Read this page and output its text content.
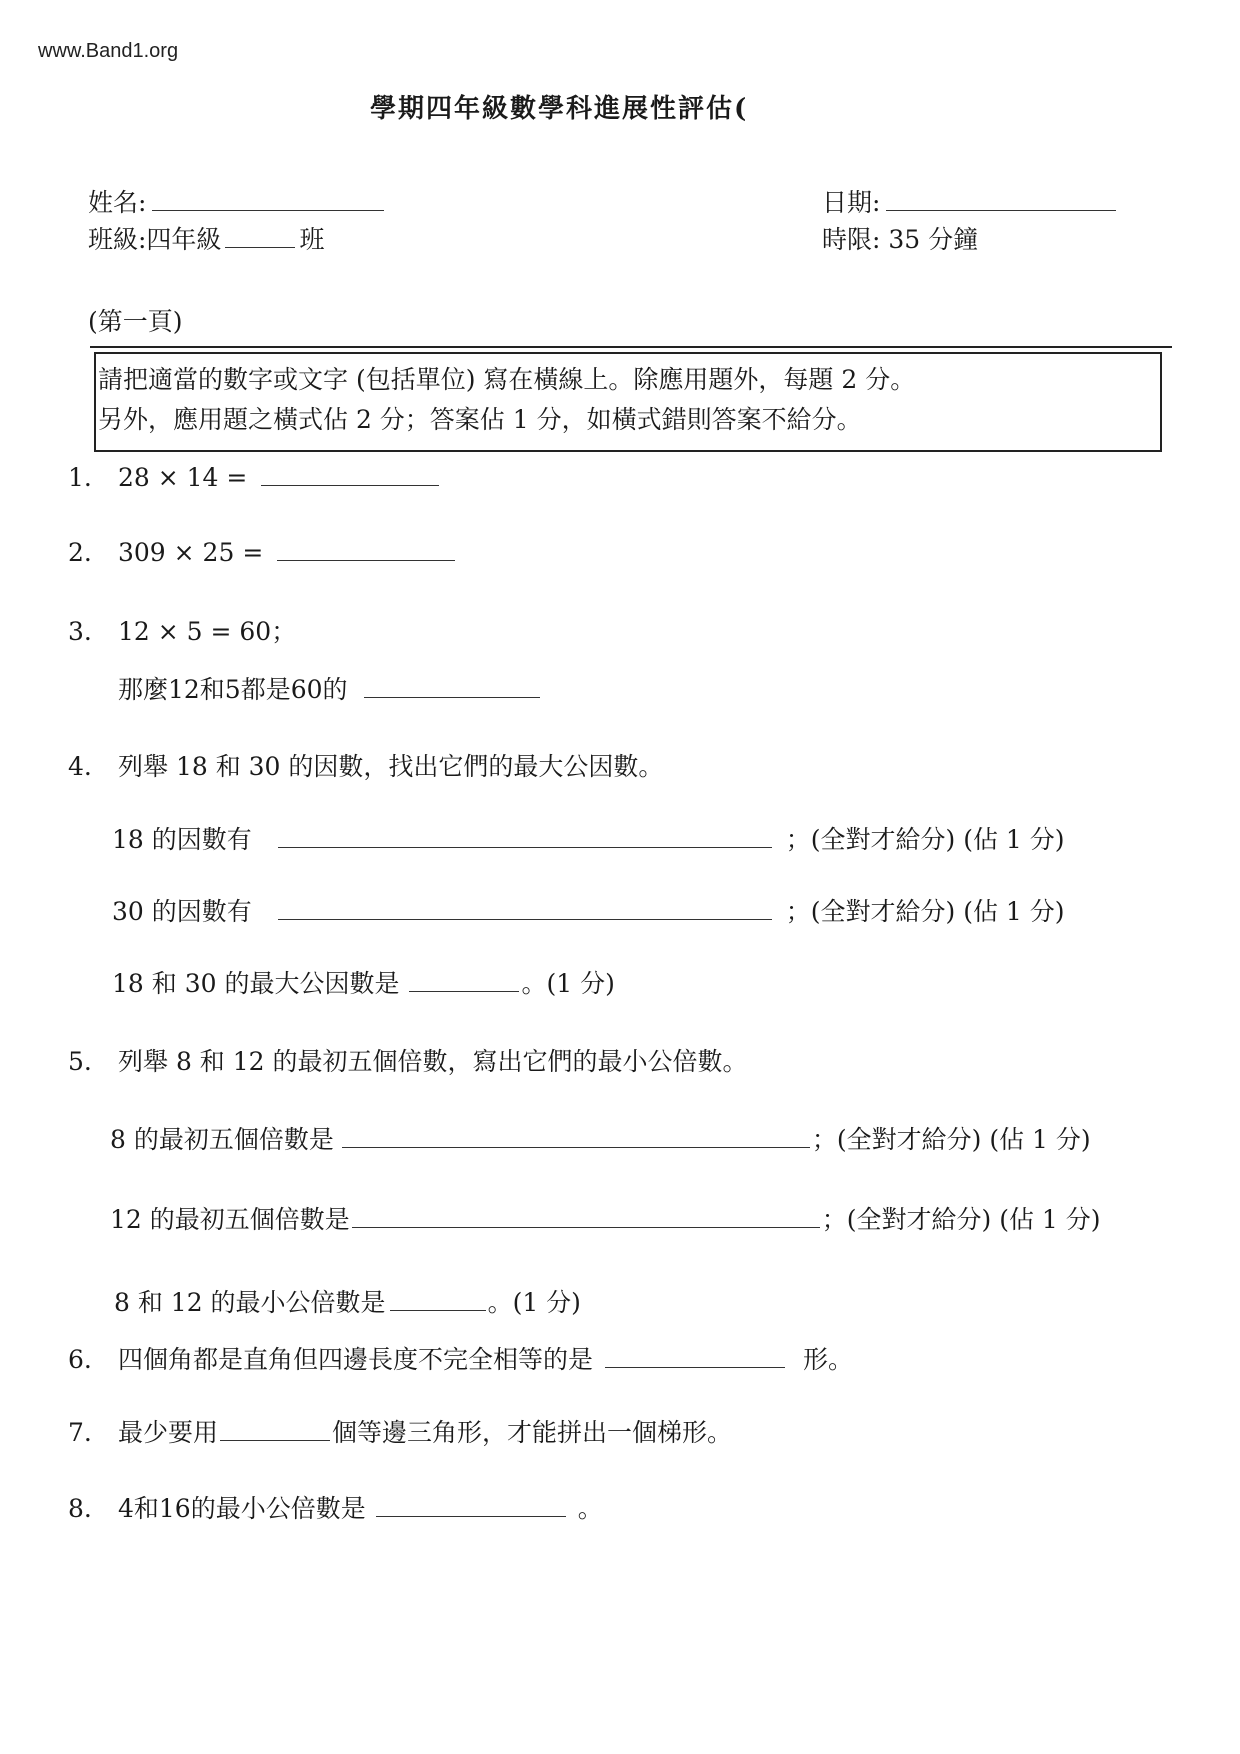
www.Band1.org
學期四年級數學科進展性評估(
姓名:	日期:
班級:四年級	班	時限: 35 分鐘
(第一頁)
請把適當的數字或文字 (包括單位) 寫在橫線上。除應用題外，每題 2 分。
另外，應用題之橫式佔 2 分；答案佔 1 分，如橫式錯則答案不給分。
1. 28 × 14 =
2. 309 × 25 =
3. 12 × 5 = 60；
那麼12和5都是60的
4. 列舉 18 和 30 的因數，找出它們的最大公因數。
18 的因數有	；(全對才給分) (佔 1 分)
30 的因數有	；(全對才給分) (佔 1 分)
18 和 30 的最大公因數是	。(1 分)
5. 列舉 8 和 12 的最初五個倍數，寫出它們的最小公倍數。
8 的最初五個倍數是	；(全對才給分) (佔 1 分)
12 的最初五個倍數是	；(全對才給分) (佔 1 分)
8 和 12 的最小公倍數是	。(1 分)
6. 四個角都是直角但四邊長度不完全相等的是	形。
7. 最少要用	個等邊三角形，才能拼出一個梯形。
8. 4和16的最小公倍數是	。
